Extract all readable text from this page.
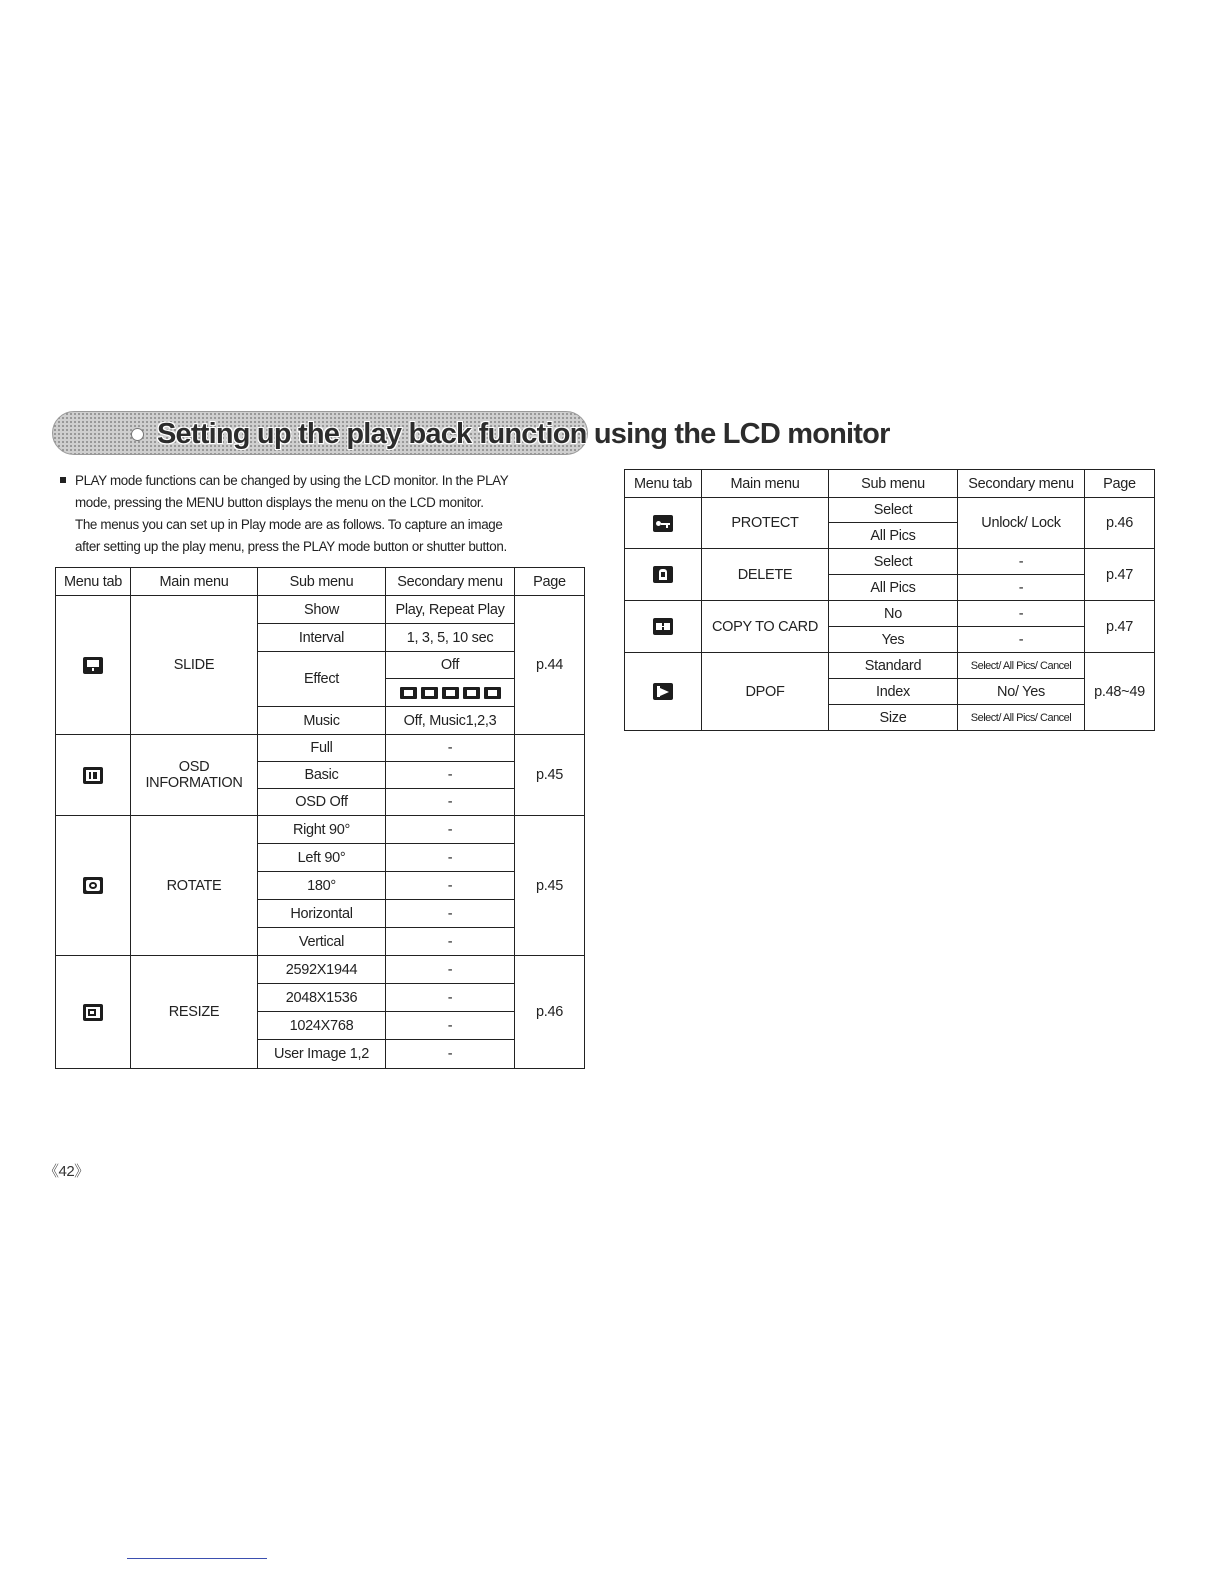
Setting up the play back function using the LCD monitor
PLAY mode functions can be changed by using the LCD monitor. In the PLAY
mode, pressing the MENU button displays the menu on the LCD monitor.
The menus you can set up in Play mode are as follows. To capture an image
after setting up the play menu, press the PLAY mode button or shutter button.
Menu tab	Main menu	Sub menu	Secondary menu	Page

	SLIDE	Show	Play, Repeat Play	p.44
		Interval	1, 3, 5, 10 sec	
		Effect	Off	

		Music	Off, Music1,2,3	

	OSD
INFORMATION	Full	-	p.45
		Basic	-	
		OSD Off	-	

	ROTATE	Right 90°	-	p.45
		Left 90°	-	
		180°	-	
		Horizontal	-	
		Vertical	-	

	RESIZE	2592X1944	-	p.46
		2048X1536	-	
		1024X768	-	
		User Image 1,2	-	
Menu tab	Main menu	Sub menu	Secondary menu	Page

	PROTECT	Select	Unlock/ Lock	p.46
		All Pics		

	DELETE	Select	-	p.47
		All Pics	-	

	COPY TO CARD	No	-	p.47
		Yes	-	

	DPOF	Standard	Select/ All Pics/ Cancel	p.48~49
		Index	No/ Yes	
		Size	Select/ All Pics/ Cancel	
《42》
